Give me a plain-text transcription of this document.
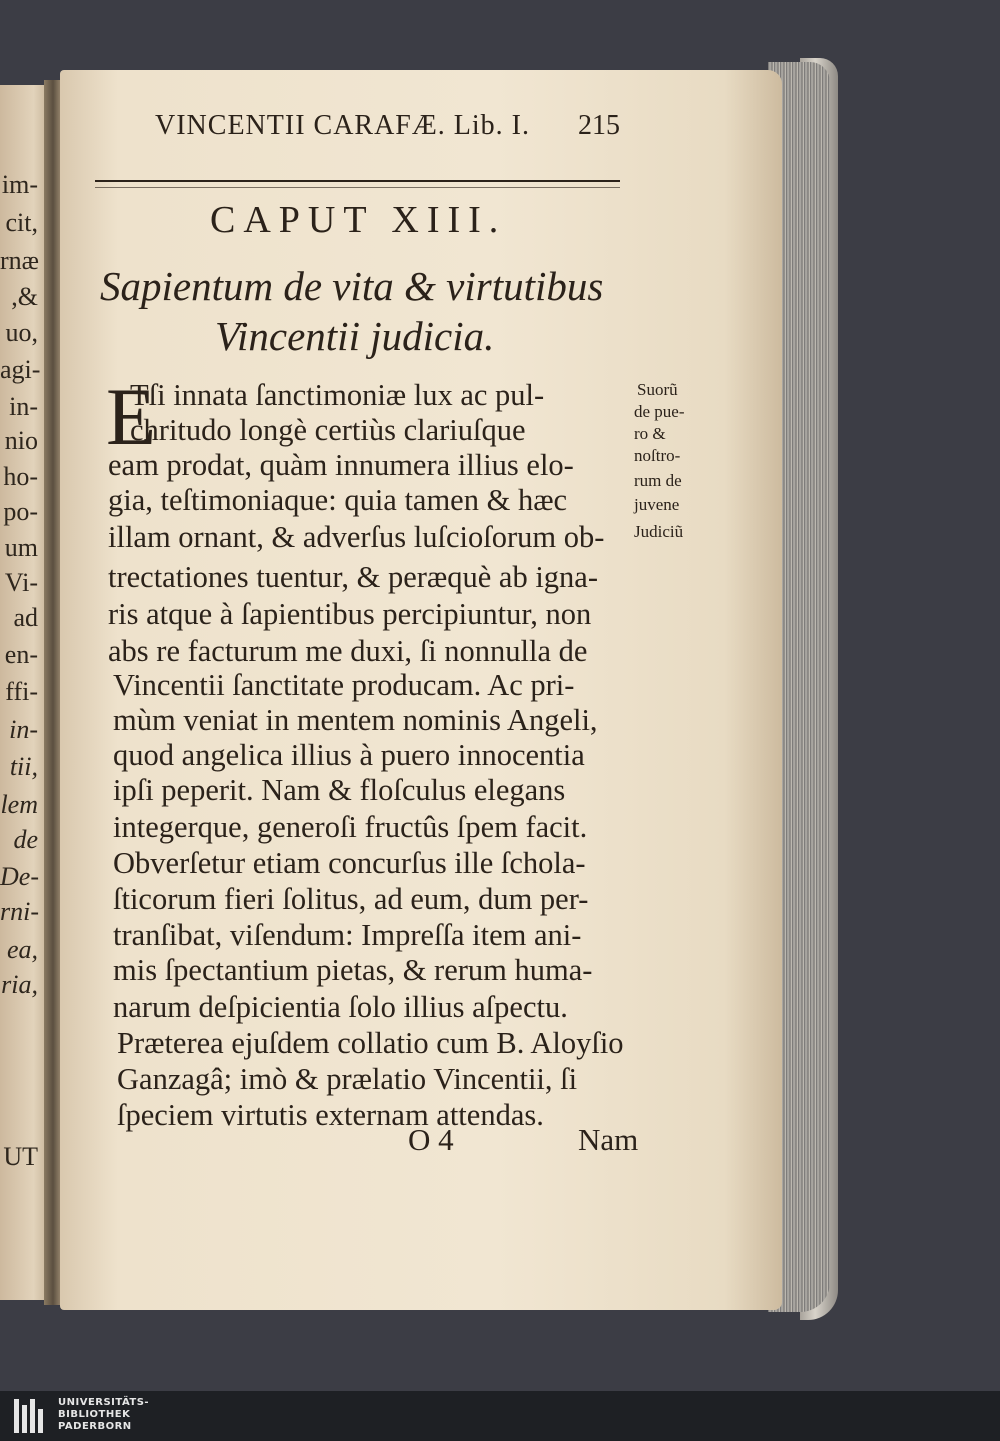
VINCENTII CARAFÆ. Lib. I.	215
CAPUT XIII.
Sapientum de vita & virtutibus
Vincentii judicia.
E
Tſi innata ſanctimoniæ lux ac pul-
chritudo longè certiùs clariuſque
eam prodat, quàm innumera illius elo-
gia, teſtimoniaque: quia tamen & hæc
illam ornant, & adverſus luſcioſorum ob-
trectationes tuentur, & peræquè ab igna-
ris atque à ſapientibus percipiuntur, non
abs re facturum me duxi, ſi nonnulla de
Vincentii ſanctitate producam. Ac pri-
mùm veniat in mentem nominis Angeli,
quod angelica illius à puero innocentia
ipſi peperit. Nam & floſculus elegans
integerque, generoſi fructûs ſpem facit.
Obverſetur etiam concurſus ille ſchola-
ſticorum fieri ſolitus, ad eum, dum per-
tranſibat, viſendum: Impreſſa item ani-
mis ſpectantium pietas, & rerum huma-
narum deſpicientia ſolo illius aſpectu.
Præterea ejuſdem collatio cum B. Aloyſio
Ganzagâ; imò & prælatio Vincentii, ſi
ſpeciem virtutis externam attendas.
Suorũ
de pue-
ro &
noſtro-
rum de
juvene
Judiciũ
O 4	Nam
im-
cit,
rnæ
,&
uo,
agi-
in-
nio
ho-
po-
um
Vi-
ad
en-
ffi-
in-
tii,
lem
de
De-
rni-
ea,
ria,
UT
UNIVERSITÄTS-
BIBLIOTHEK
PADERBORN
